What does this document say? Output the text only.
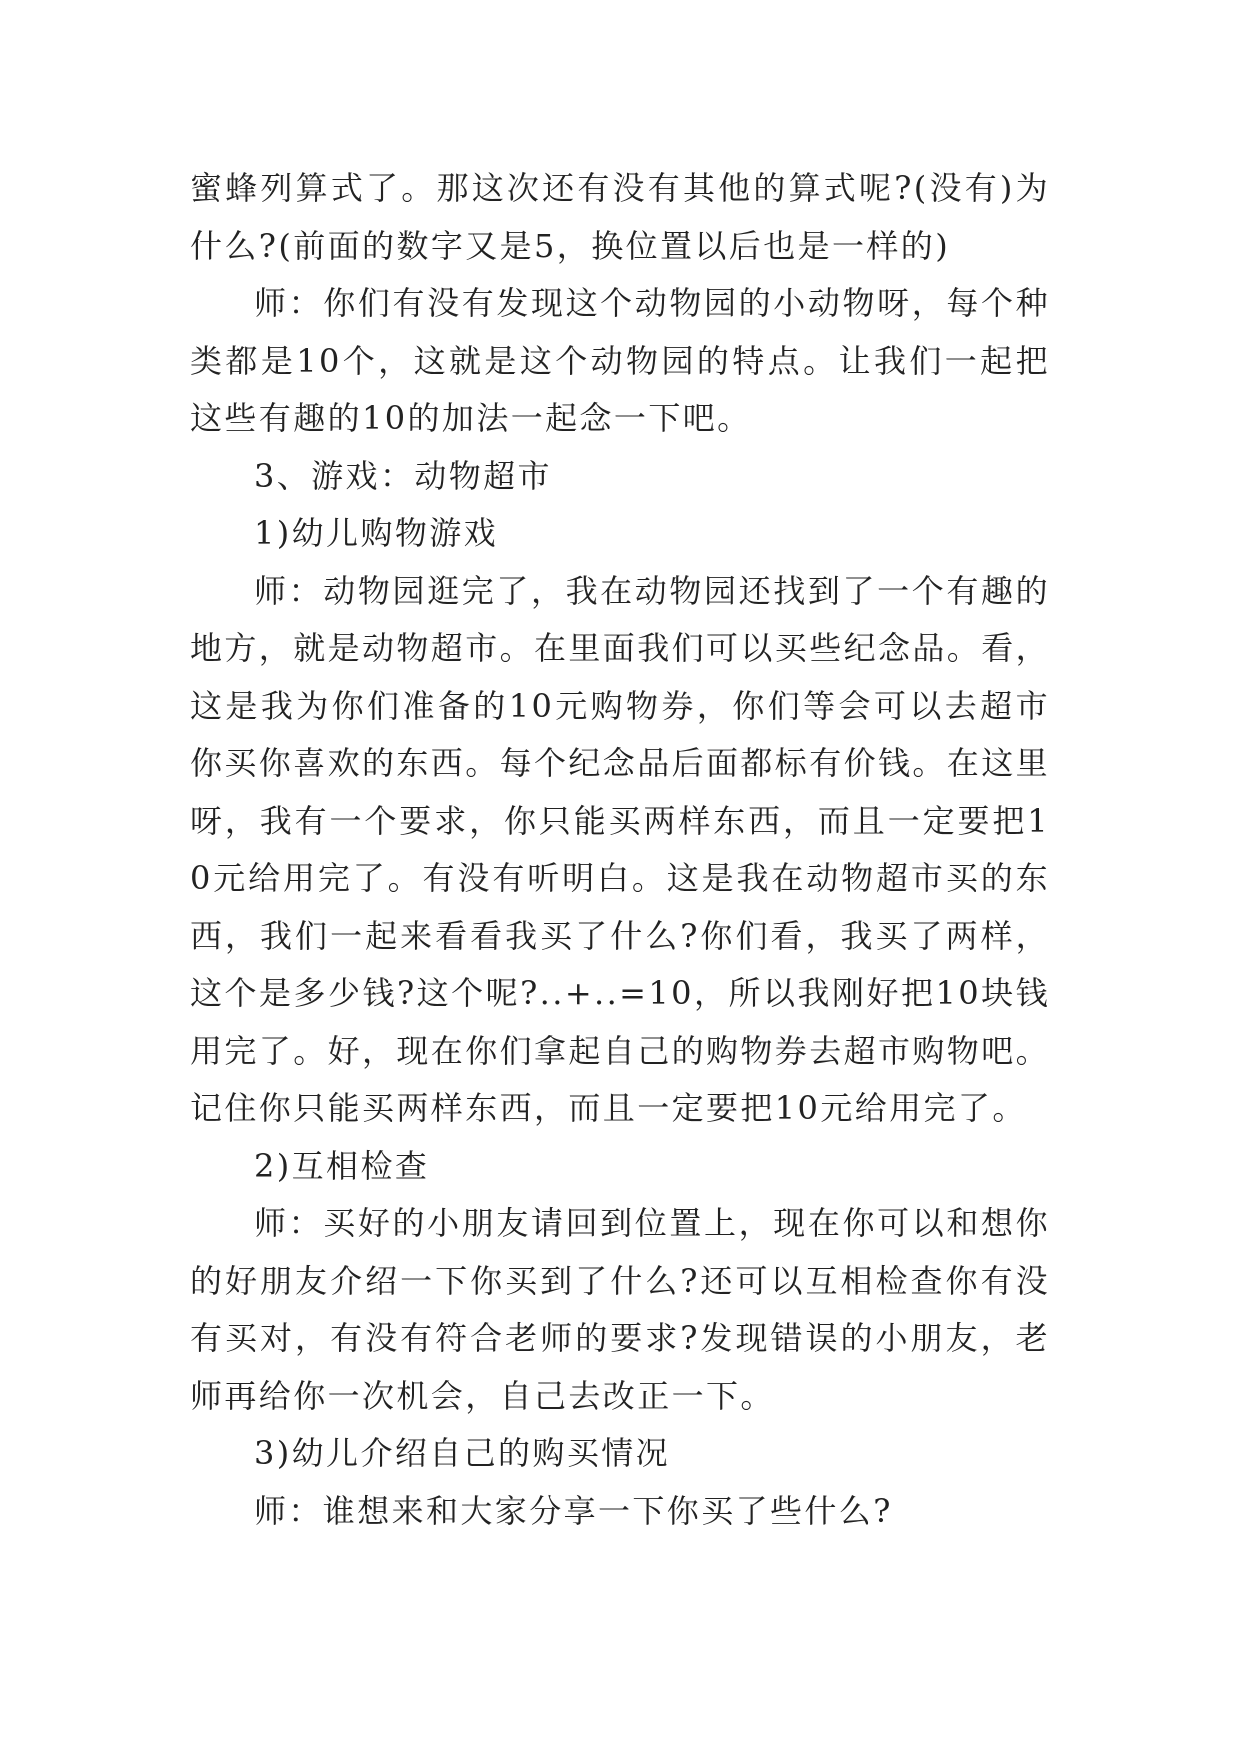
蜜蜂列算式了。那这次还有没有其他的算式呢?(没有)为什么?(前面的数字又是5，换位置以后也是一样的)

师：你们有没有发现这个动物园的小动物呀，每个种类都是10个，这就是这个动物园的特点。让我们一起把这些有趣的10的加法一起念一下吧。

3、游戏：动物超市

1)幼儿购物游戏

师：动物园逛完了，我在动物园还找到了一个有趣的地方，就是动物超市。在里面我们可以买些纪念品。看，这是我为你们准备的10元购物券，你们等会可以去超市你买你喜欢的东西。每个纪念品后面都标有价钱。在这里呀，我有一个要求，你只能买两样东西，而且一定要把10元给用完了。有没有听明白。这是我在动物超市买的东西，我们一起来看看我买了什么?你们看，我买了两样，这个是多少钱?这个呢?..+..=10，所以我刚好把10块钱用完了。好，现在你们拿起自己的购物券去超市购物吧。记住你只能买两样东西，而且一定要把10元给用完了。

2)互相检查

师：买好的小朋友请回到位置上，现在你可以和想你的好朋友介绍一下你买到了什么?还可以互相检查你有没有买对，有没有符合老师的要求?发现错误的小朋友，老师再给你一次机会，自己去改正一下。

3)幼儿介绍自己的购买情况

师：谁想来和大家分享一下你买了些什么?
